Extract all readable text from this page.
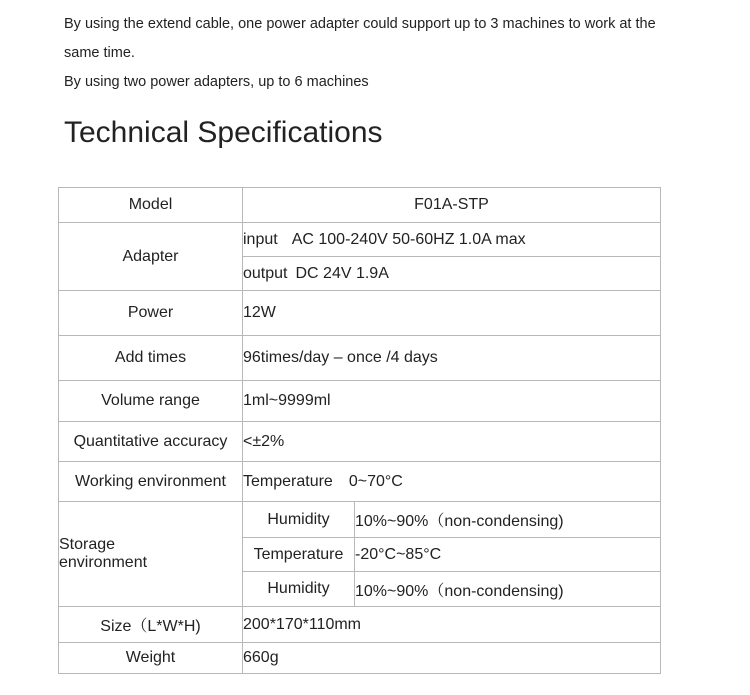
By using the extend cable, one power adapter could support up to 3 machines to work at the

same time.

By using two power adapters, up to 6 machines

Technical Specifications
Model	F01A-STP	
Adapter	input AC 100-240V 50-60HZ 1.0A max	
	output DC 24V 1.9A	
Power	12W	
Add times	96times/day – once /4 days	
Volume range	1ml~9999ml	
Quantitative accuracy	<±2%	
Working environment	Temperature 0~70°C	

Storage
environment	Humidity	10%~90%（non-condensing)
	Temperature	-20°C~85°C
	Humidity	10%~90%（non-condensing)
Size（L*W*H)	200*170*110mm	
Weight	660g	
